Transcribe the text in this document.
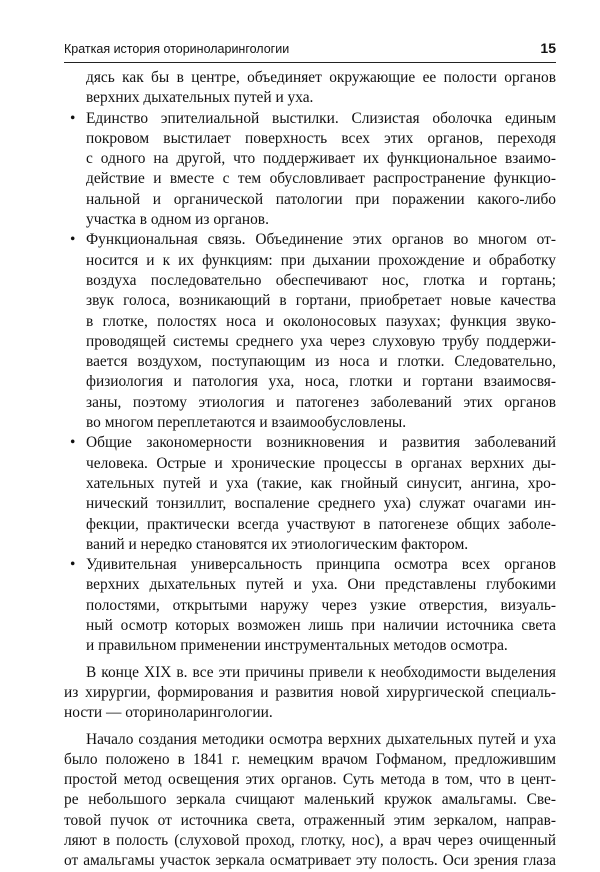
Краткая история оториноларингологии	15
дясь как бы в центре, объединяет окружающие ее полости органов
верхних дыхательных путей и уха.
• Единство эпителиальной выстилки. Слизистая оболочка единым
покровом выстилает поверхность всех этих органов, переходя
с одного на другой, что поддерживает их функциональное взаимо-
действие и вместе с тем обусловливает распространение функцио-
нальной и органической патологии при поражении какого-либо
участка в одном из органов.
• Функциональная связь. Объединение этих органов во многом от-
носится и к их функциям: при дыхании прохождение и обработку
воздуха последовательно обеспечивают нос, глотка и гортань;
звук голоса, возникающий в гортани, приобретает новые качества
в глотке, полостях носа и околоносовых пазухах; функция звуко-
проводящей системы среднего уха через слуховую трубу поддержи-
вается воздухом, поступающим из носа и глотки. Следовательно,
физиология и патология уха, носа, глотки и гортани взаимосвя-
заны, поэтому этиология и патогенез заболеваний этих органов
во многом переплетаются и взаимообусловлены.
• Общие закономерности возникновения и развития заболеваний
человека. Острые и хронические процессы в органах верхних ды-
хательных путей и уха (такие, как гнойный синусит, ангина, хро-
нический тонзиллит, воспаление среднего уха) служат очагами ин-
фекции, практически всегда участвуют в патогенезе общих заболе-
ваний и нередко становятся их этиологическим фактором.
• Удивительная универсальность принципа осмотра всех органов
верхних дыхательных путей и уха. Они представлены глубокими
полостями, открытыми наружу через узкие отверстия, визуаль-
ный осмотр которых возможен лишь при наличии источника света
и правильном применении инструментальных методов осмотра.
В конце XIX в. все эти причины привели к необходимости выделения
из хирургии, формирования и развития новой хирургической специаль-
ности — оториноларингологии.
Начало создания методики осмотра верхних дыхательных путей и уха
было положено в 1841 г. немецким врачом Гофманом, предложившим
простой метод освещения этих органов. Суть метода в том, что в цент-
ре небольшого зеркала счищают маленький кружок амальгамы. Све-
товой пучок от источника света, отраженный этим зеркалом, направ-
ляют в полость (слуховой проход, глотку, нос), а врач через очищенный
от амальгамы участок зеркала осматривает эту полость. Оси зрения глаза
